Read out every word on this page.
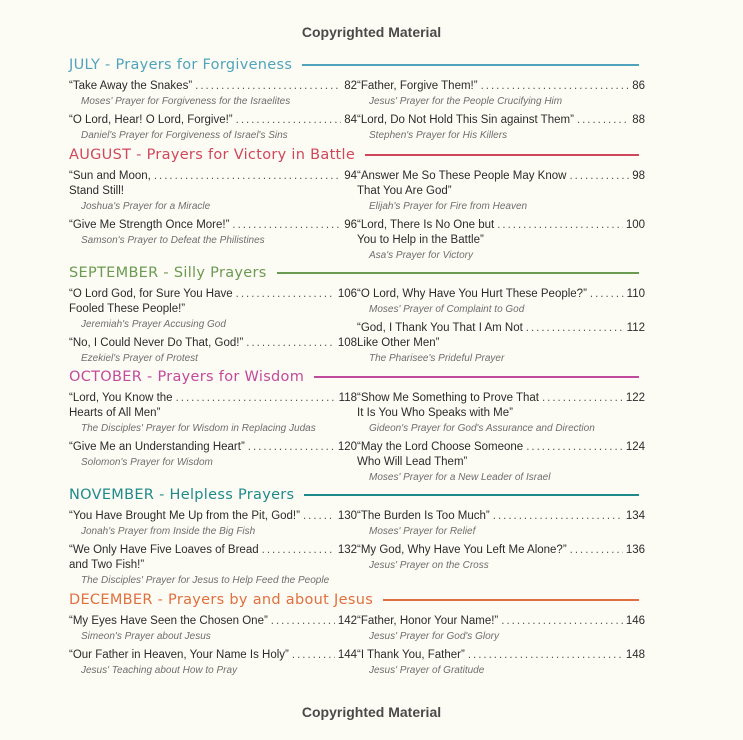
Copyrighted Material
JULY - Prayers for Forgiveness
“Take Away the Snakes” . . .	82
Moses' Prayer for Forgiveness for the Israelites
“O Lord, Hear! O Lord, Forgive!” . . .	84
Daniel's Prayer for Forgiveness of Israel's Sins
“Father, Forgive Them!” . . .	86
Jesus' Prayer for the People Crucifying Him
“Lord, Do Not Hold This Sin against Them” . . .	88
Stephen's Prayer for His Killers
AUGUST - Prayers for Victory in Battle
“Sun and Moon, . . .	94
Stand Still!
Joshua's Prayer for a Miracle
“Give Me Strength Once More!” . . .	96
Samson's Prayer to Defeat the Philistines
“Answer Me So These People May Know . . .	98
That You Are God”
Elijah's Prayer for Fire from Heaven
“Lord, There Is No One but . . .	100
You to Help in the Battle”
Asa's Prayer for Victory
SEPTEMBER - Silly Prayers
“O Lord God, for Sure You Have . . .	106
Fooled These People!”
Jeremiah's Prayer Accusing God
“No, I Could Never Do That, God!” . . .	108
Ezekiel's Prayer of Protest
“O Lord, Why Have You Hurt These People?” . . .	110
Moses' Prayer of Complaint to God
“God, I Thank You That I Am Not . . .	112
Like Other Men”
The Pharisee's Prideful Prayer
OCTOBER - Prayers for Wisdom
“Lord, You Know the . . .	118
Hearts of All Men”
The Disciples' Prayer for Wisdom in Replacing Judas
“Give Me an Understanding Heart” . . .	120
Solomon's Prayer for Wisdom
“Show Me Something to Prove That . . .	122
It Is You Who Speaks with Me”
Gideon's Prayer for God's Assurance and Direction
“May the Lord Choose Someone . . .	124
Who Will Lead Them”
Moses' Prayer for a New Leader of Israel
NOVEMBER - Helpless Prayers
“You Have Brought Me Up from the Pit, God!” . . .	130
Jonah's Prayer from Inside the Big Fish
“We Only Have Five Loaves of Bread . . .	132
and Two Fish!”
The Disciples' Prayer for Jesus to Help Feed the People
“The Burden Is Too Much” . . .	134
Moses' Prayer for Relief
“My God, Why Have You Left Me Alone?” . . .	136
Jesus' Prayer on the Cross
DECEMBER - Prayers by and about Jesus
“My Eyes Have Seen the Chosen One” . . .	142
Simeon's Prayer about Jesus
“Our Father in Heaven, Your Name Is Holy” . . .	144
Jesus' Teaching about How to Pray
“Father, Honor Your Name!” . . .	146
Jesus' Prayer for God's Glory
“I Thank You, Father” . . .	148
Jesus' Prayer of Gratitude
Copyrighted Material
